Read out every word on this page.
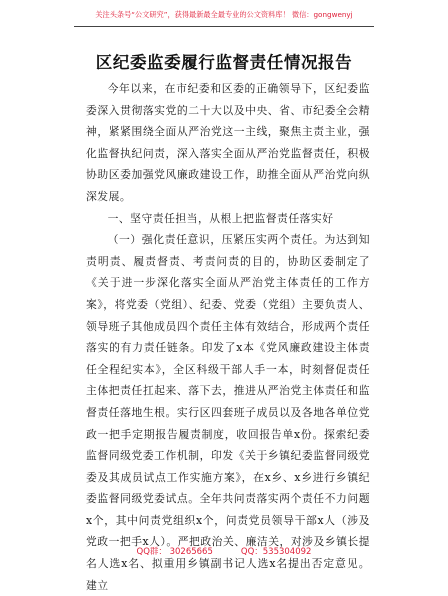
关注头条号“公文研究”，获得最新最全最专业的公文资料库！ 微信：gongwenyj
区纪委监委履行监督责任情况报告

今年以来，在市纪委和区委的正确领导下，区纪委监委深入贯彻落实党的二十大以及中央、省、市纪委全会精神，紧紧围绕全面从严治党这一主线，聚焦主责主业，强化监督执纪问责，深入落实全面从严治党监督责任，积极协助区委加强党风廉政建设工作，助推全面从严治党向纵深发展。

一、坚守责任担当，从根上把监督责任落实好

（一）强化责任意识，压紧压实两个责任。为达到知责明责、履责督责、考责问责的目的，协助区委制定了《关于进一步深化落实全面从严治党主体责任的工作方案》，将党委（党组）、纪委、党委（党组）主要负责人、领导班子其他成员四个责任主体有效结合，形成两个责任落实的有力责任链条。印发了x本《党风廉政建设主体责任全程纪实本》，全区科级干部人手一本，时刻督促责任主体把责任扛起来、落下去，推进从严治党主体责任和监督责任落地生根。实行区四套班子成员以及各地各单位党政一把手定期报告履责制度，收回报告单x份。探索纪委监督同级党委工作机制，印发《关于乡镇纪委监督同级党委及其成员试点工作实施方案》，在x乡、x乡进行乡镇纪委监督同级党委试点。全年共问责落实两个责任不力问题x个，其中问责党组织x个，问责党员领导干部x人（涉及党政一把手x人）。严把政治关、廉洁关，对涉及乡镇长提名人选x名、拟重用乡镇副书记人选x名提出否定意见。建立

QQ群： 30265665	QQ：535304092
